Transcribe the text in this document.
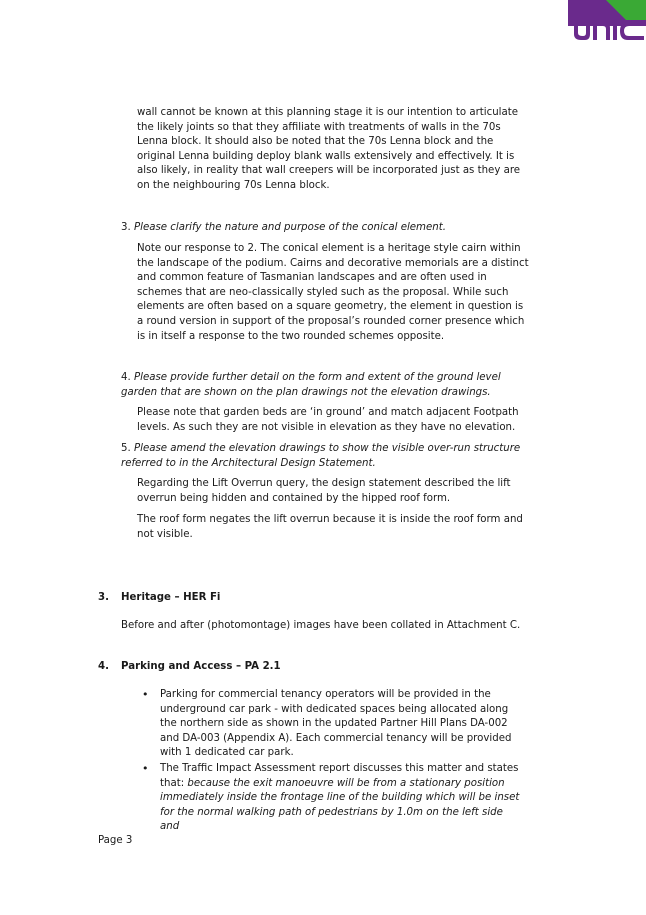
wall cannot be known at this planning stage it is our intention to articulate the likely joints so that they affiliate with treatments of walls in the 70s Lenna block. It should also be noted that the 70s Lenna block and the original Lenna building deploy blank walls extensively and effectively. It is also likely, in reality that wall creepers will be incorporated just as they are on the neighbouring 70s Lenna block.

3. Please clarify the nature and purpose of the conical element.

Note our response to 2. The conical element is a heritage style cairn within the landscape of the podium. Cairns and decorative memorials are a distinct and common feature of Tasmanian landscapes and are often used in schemes that are neo-classically styled such as the proposal. While such elements are often based on a square geometry, the element in question is a round version in support of the proposal’s rounded corner presence which is in itself a response to the two rounded schemes opposite.

4. Please provide further detail on the form and extent of the ground level garden that are shown on the plan drawings not the elevation drawings.

Please note that garden beds are ‘in ground’ and match adjacent Footpath levels. As such they are not visible in elevation as they have no elevation.

5. Please amend the elevation drawings to show the visible over-run structure referred to in the Architectural Design Statement.

Regarding the Lift Overrun query, the design statement described the lift overrun being hidden and contained by the hipped roof form.

The roof form negates the lift overrun because it is inside the roof form and not visible.

3. Heritage – HER Fi

Before and after (photomontage) images have been collated in Attachment C.

4. Parking and Access – PA 2.1
• Parking for commercial tenancy operators will be provided in the underground car park - with dedicated spaces being allocated along the northern side as shown in the updated Partner Hill Plans DA-002 and DA-003 (Appendix A). Each commercial tenancy will be provided with 1 dedicated car park.

• The Traffic Impact Assessment report discusses this matter and states that: because the exit manoeuvre will be from a stationary position immediately inside the frontage line of the building which will be inset for the normal walking path of pedestrians by 1.0m on the left side and

Page 3
